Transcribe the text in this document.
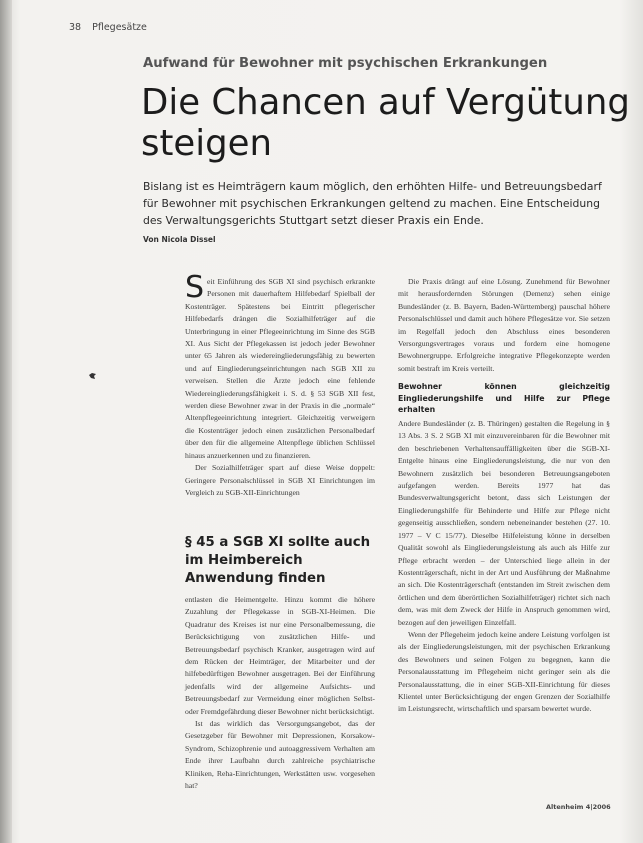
38 Pflegesätze
Aufwand für Bewohner mit psychischen Erkrankungen
Die Chancen auf Vergütung steigen
Bislang ist es Heimträgern kaum möglich, den erhöhten Hilfe- und Betreuungsbedarf für Bewohner mit psychischen Erkrankungen geltend zu machen. Eine Entscheidung des Verwaltungsgerichts Stuttgart setzt dieser Praxis ein Ende.
Von Nicola Dissel

Seit Einführung des SGB XI sind psychisch erkrankte Personen mit dauerhaftem Hilfebedarf Spielball der Kostenträger. Spätestens bei Eintritt pflegerischer Hilfebedarfs drängen die Sozialhilfeträger auf die Unterbringung in einer Pflegeeinrichtung im Sinne des SGB XI. Aus Sicht der Pflegekassen ist jedoch jeder Bewohner unter 65 Jahren als wiedereingliederungsfähig zu bewerten und auf Eingliederungseinrichtungen nach SGB XII zu verweisen. Stellen die Ärzte jedoch eine fehlende Wiedereingliederungsfähigkeit i. S. d. § 53 SGB XII fest, werden diese Bewohner zwar in der Praxis in die „normale“ Altenpflegeeinrichtung integriert. Gleichzeitig verweigern die Kostenträger jedoch einen zusätzlichen Personalbedarf über den für die allgemeine Altenpflege üblichen Schlüssel hinaus anzuerkennen und zu finanzieren.

Der Sozialhilfeträger spart auf diese Weise doppelt: Geringere Personalschlüssel in SGB XI Einrichtungen im Vergleich zu SGB-XII-Einrichtungen

§ 45 a SGB XI sollte auch im Heimbereich Anwendung finden

entlasten die Heimentgelte. Hinzu kommt die höhere Zuzahlung der Pflegekasse in SGB-XI-Heimen. Die Quadratur des Kreises ist nur eine Personalbemessung, die Berücksichtigung von zusätzlichen Hilfe- und Betreuungsbedarf psychisch Kranker, ausgetragen wird auf dem Rücken der Heimträger, der Mitarbeiter und der hilfebedürftigen Bewohner ausgetragen. Bei der Einführung jedenfalls wird der allgemeine Aufsichts- und Betreuungsbedarf zur Vermeidung einer möglichen Selbst- oder Fremdgefährdung dieser Bewohner nicht berücksichtigt.

Ist das wirklich das Versorgungsangebot, das der Gesetzgeber für Bewohner mit Depressionen, Korsakow-Syndrom, Schizophrenie und autoaggressivem Verhalten am Ende ihrer Laufbahn durch zahlreiche psychiatrische Kliniken, Reha-Einrichtungen, Werkstätten usw. vorgesehen hat?

Die Praxis drängt auf eine Lösung. Zunehmend für Bewohner mit herausfordernden Störungen (Demenz) sehen einige Bundesländer (z. B. Bayern, Baden-Württemberg) pauschal höhere Personalschlüssel und damit auch höhere Pflegesätze vor. Sie setzen im Regelfall jedoch den Abschluss eines besonderen Versorgungsvertrages voraus und fordern eine homogene Bewohnergruppe. Erfolgreiche integrative Pflegekonzepte werden somit bestraft im Kreis verteilt.

Bewohner können gleichzeitig Eingliederungshilfe und Hilfe zur Pflege erhalten

Andere Bundesländer (z. B. Thüringen) gestalten die Regelung in § 13 Abs. 3 S. 2 SGB XI mit einzuvereinbaren für die Bewohner mit den beschriebenen Verhaltensauffälligkeiten über die SGB-XI-Entgelte hinaus eine Eingliederungsleistung, die nur von den Bewohnern zusätzlich bei besonderen Betreuungsangeboten aufgefangen werden. Bereits 1977 hat das Bundesverwaltungsgericht betont, dass sich Leistungen der Eingliederungshilfe für Behinderte und Hilfe zur Pflege nicht gegenseitig ausschließen, sondern nebeneinander bestehen (27. 10. 1977 – V C 15/77). Dieselbe Hilfeleistung könne in derselben Qualität sowohl als Eingliederungsleistung als auch als Hilfe zur Pflege erbracht werden – der Unterschied liege allein in der Kostenträgerschaft, nicht in der Art und Ausführung der Maßnahme an sich. Die Kostenträgerschaft (entstanden im Streit zwischen dem örtlichen und dem überörtlichen Sozialhilfeträger) richtet sich nach dem, was mit dem Zweck der Hilfe in Anspruch genommen wird, bezogen auf den jeweiligen Einzelfall.

Wenn der Pflegeheim jedoch keine andere Leistung vorfolgen ist als der Eingliederungsleistungen, mit der psychischen Erkrankung des Bewohners und seinen Folgen zu begegnen, kann die Personalausstattung im Pflegeheim nicht geringer sein als die Personalausstattung, die in einer SGB-XII-Einrichtung für dieses Klientel unter Berücksichtigung der engen Grenzen der Sozialhilfe im Leistungsrecht, wirtschaftlich und sparsam bewertet wurde.

Altenheim 4|2006
